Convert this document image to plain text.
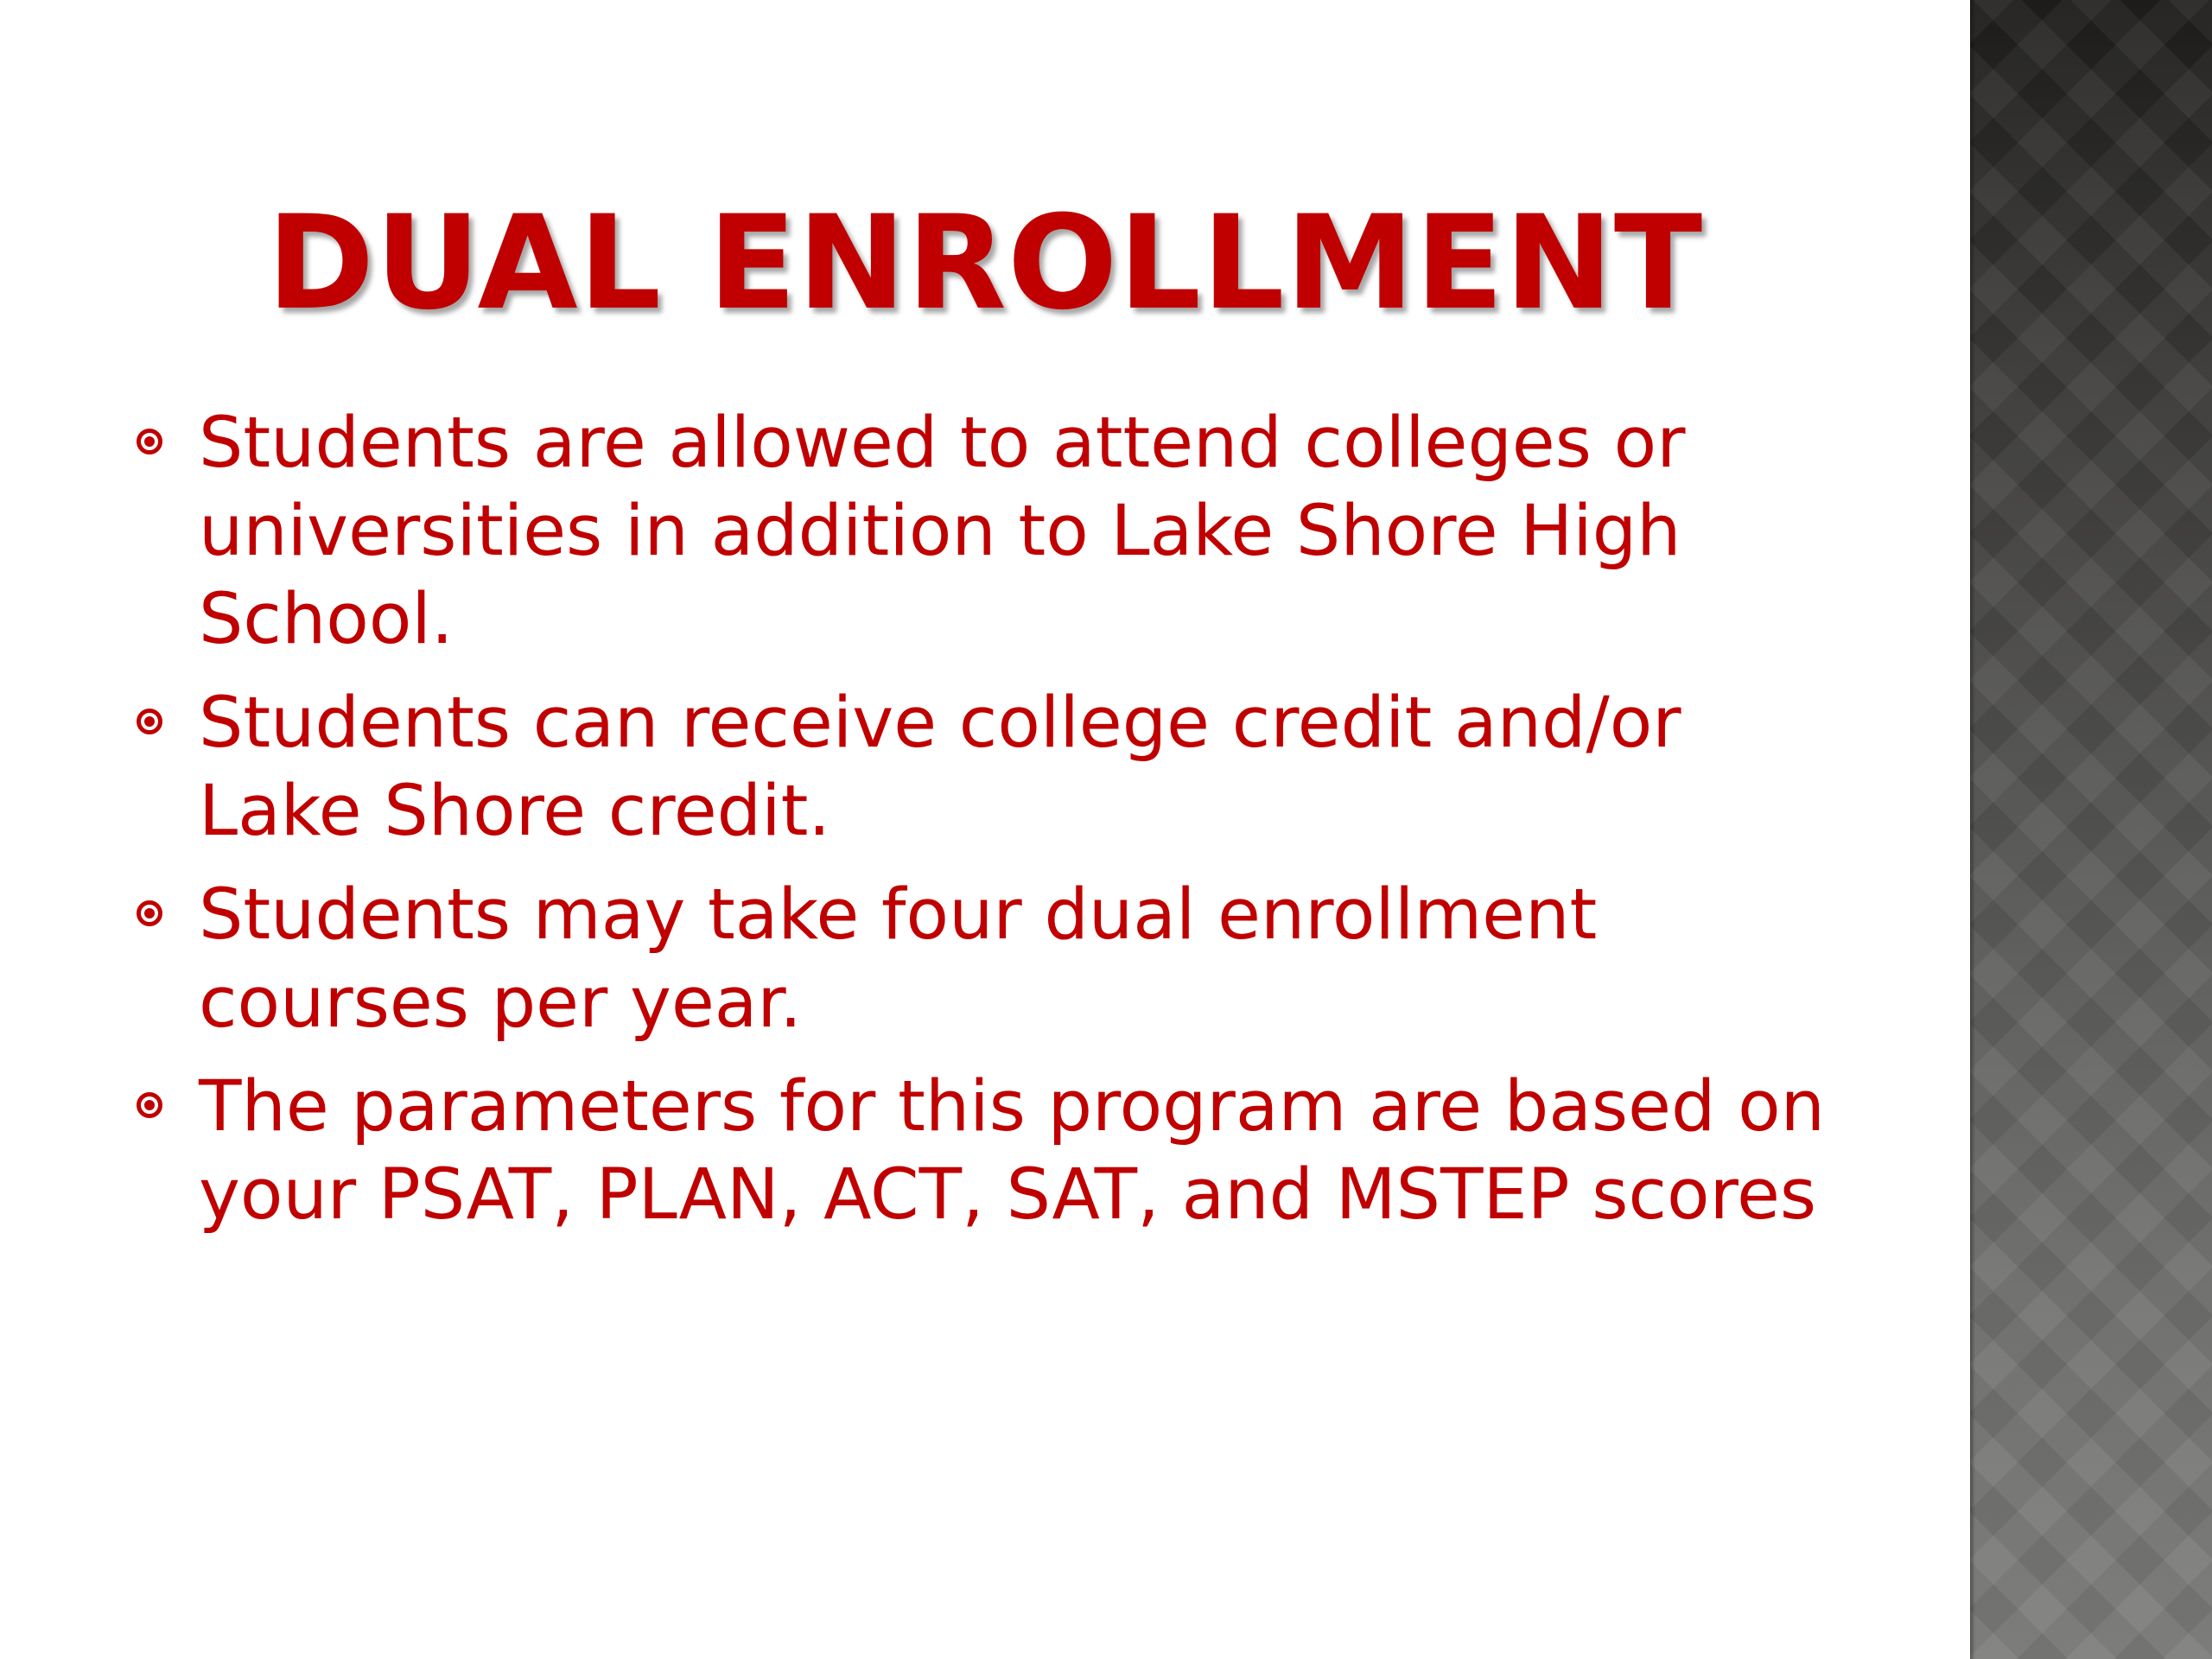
DUAL ENROLLMENT
Students are allowed to attend colleges or universities in addition to Lake Shore High School.
Students can receive college credit and/or Lake Shore credit.
Students may take four dual enrollment courses per year.
The parameters for this program are based on your PSAT, PLAN, ACT, SAT, and MSTEP scores
